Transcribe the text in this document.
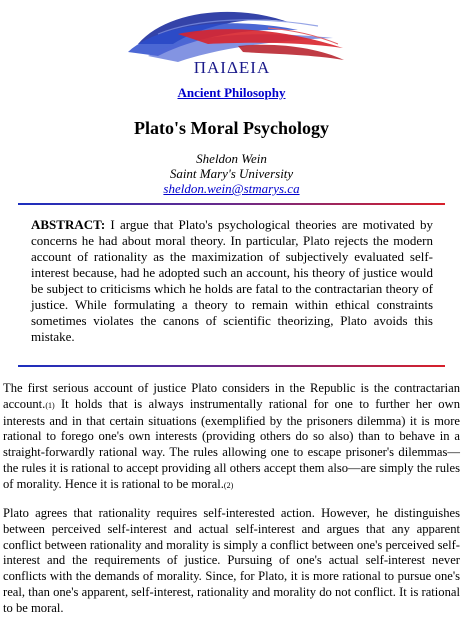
ΠΑΙΔΕΙΑ
Ancient Philosophy
Plato's Moral Psychology
Sheldon Wein
Saint Mary's University
sheldon.wein@stmarys.ca

ABSTRACT: I argue that Plato's psychological theories are motivated by concerns he had about moral theory. In particular, Plato rejects the modern account of rationality as the maximization of subjectively evaluated self-interest because, had he adopted such an account, his theory of justice would be subject to criticisms which he holds are fatal to the contractarian theory of justice. While formulating a theory to remain within ethical constraints sometimes violates the canons of scientific theorizing, Plato avoids this mistake.

The first serious account of justice Plato considers in the Republic is the contractarian account.(1) It holds that is always instrumentally rational for one to further her own interests and in that certain situations (exemplified by the prisoners dilemma) it is more rational to forego one's own interests (providing others do so also) than to behave in a straight-forwardly rational way. The rules allowing one to escape prisoner's dilemmas—the rules it is rational to accept providing all others accept them also—are simply the rules of morality. Hence it is rational to be moral.(2)

Plato agrees that rationality requires self-interested action. However, he distinguishes between perceived self-interest and actual self-interest and argues that any apparent conflict between rationality and morality is simply a conflict between one's perceived self-interest and the requirements of justice. Pursuing of one's actual self-interest never conflicts with the demands of morality. Since, for Plato, it is more rational to pursue one's real, than one's apparent, self-interest, rationality and morality do not conflict. It is rational to be moral.
